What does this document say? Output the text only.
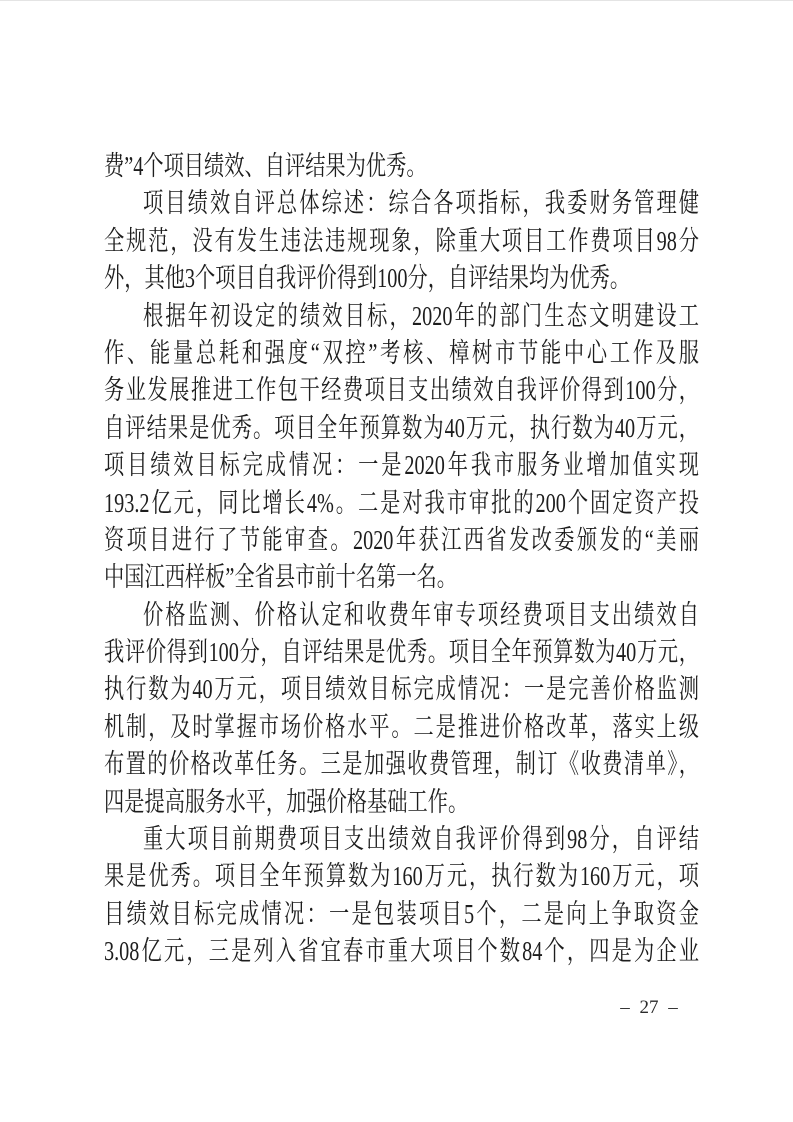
费”4个项目绩效、自评结果为优秀。
项目绩效自评总体综述：综合各项指标，我委财务管理健
全规范，没有发生违法违规现象，除重大项目工作费项目98分
外，其他3个项目自我评价得到100分，自评结果均为优秀。
根据年初设定的绩效目标，2020年的部门生态文明建设工
作、能量总耗和强度“双控”考核、樟树市节能中心工作及服
务业发展推进工作包干经费项目支出绩效自我评价得到100分，
自评结果是优秀。项目全年预算数为40万元，执行数为40万元，
项目绩效目标完成情况：一是2020年我市服务业增加值实现
193.2亿元，同比增长4%。二是对我市审批的200个固定资产投
资项目进行了节能审查。2020年获江西省发改委颁发的“美丽
中国江西样板”全省县市前十名第一名。
价格监测、价格认定和收费年审专项经费项目支出绩效自
我评价得到100分，自评结果是优秀。项目全年预算数为40万元，
执行数为40万元，项目绩效目标完成情况：一是完善价格监测
机制，及时掌握市场价格水平。二是推进价格改革，落实上级
布置的价格改革任务。三是加强收费管理，制订《收费清单》，
四是提高服务水平，加强价格基础工作。
重大项目前期费项目支出绩效自我评价得到98分，自评结
果是优秀。项目全年预算数为160万元，执行数为160万元，项
目绩效目标完成情况：一是包装项目5个，二是向上争取资金
3.08亿元，三是列入省宜春市重大项目个数84个，四是为企业
– 27 –
